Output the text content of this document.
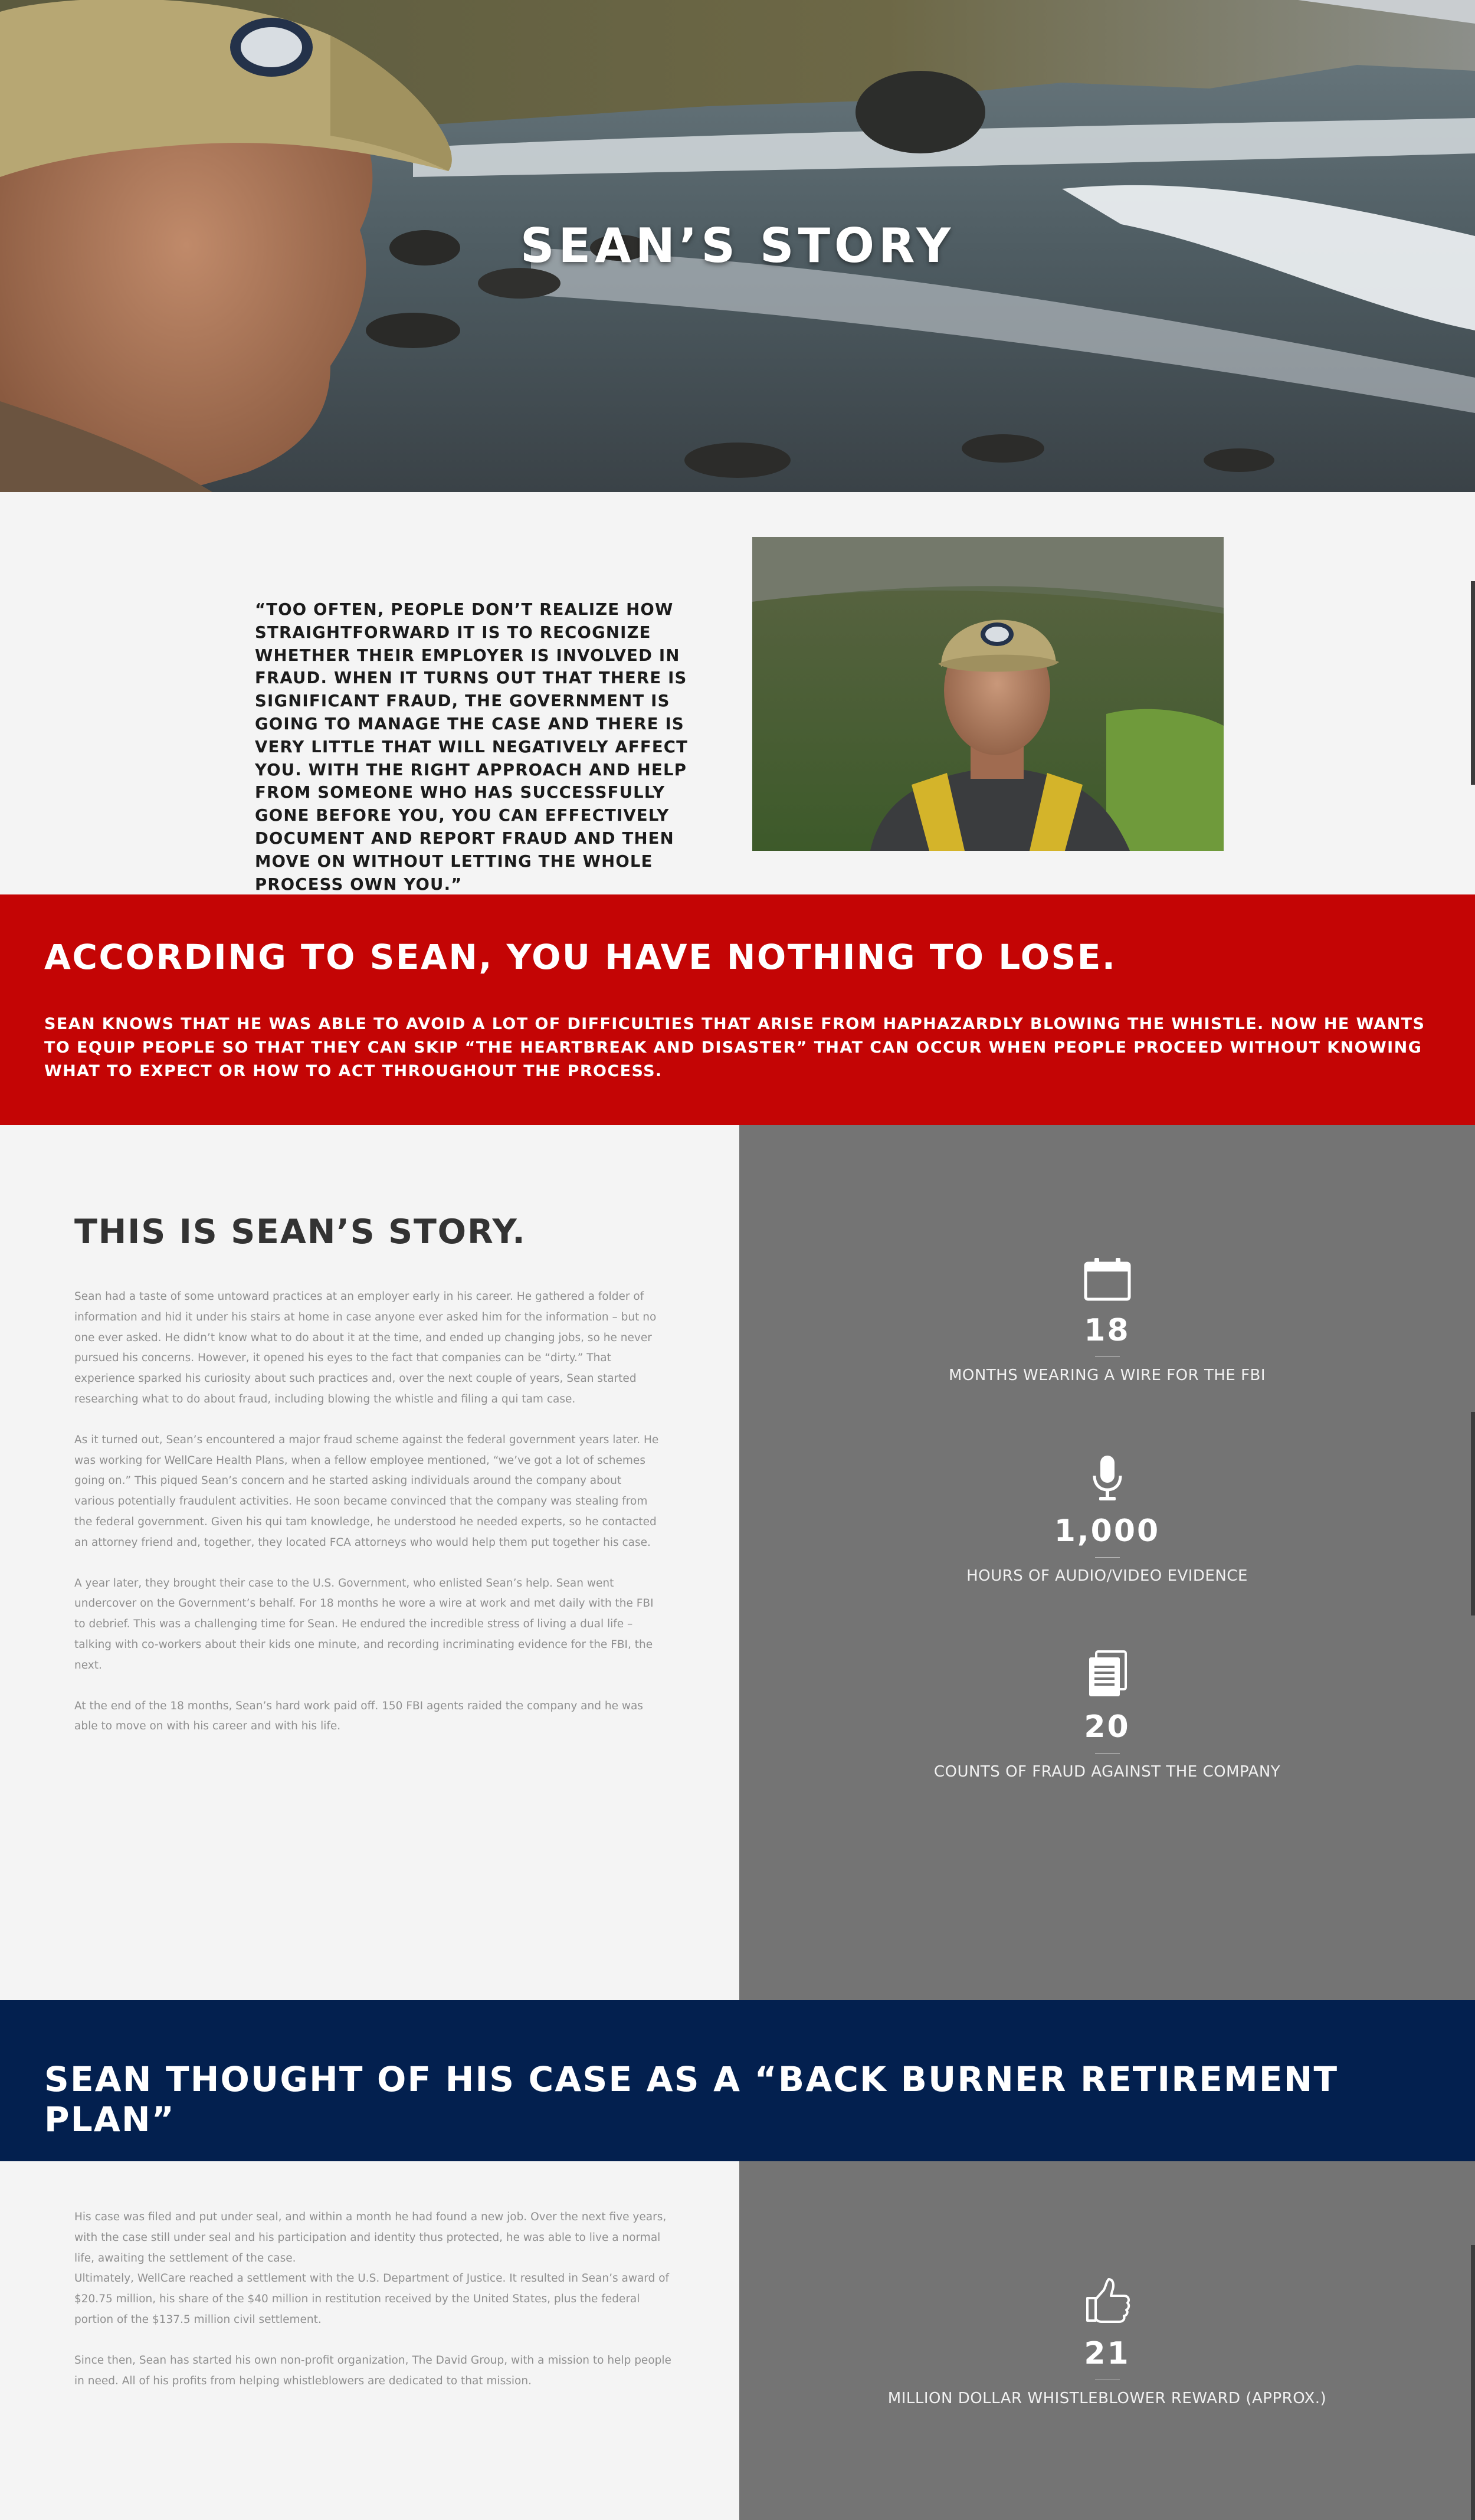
SEAN’S STORY
“TOO OFTEN, PEOPLE DON’T REALIZE HOW STRAIGHTFORWARD IT IS TO RECOGNIZE WHETHER THEIR EMPLOYER IS INVOLVED IN FRAUD. WHEN IT TURNS OUT THAT THERE IS SIGNIFICANT FRAUD, THE GOVERNMENT IS GOING TO MANAGE THE CASE AND THERE IS VERY LITTLE THAT WILL NEGATIVELY AFFECT YOU. WITH THE RIGHT APPROACH AND HELP FROM SOMEONE WHO HAS SUCCESSFULLY GONE BEFORE YOU, YOU CAN EFFECTIVELY DOCUMENT AND REPORT FRAUD AND THEN MOVE ON WITHOUT LETTING THE WHOLE PROCESS OWN YOU.”
ACCORDING TO SEAN, YOU HAVE NOTHING TO LOSE.
SEAN KNOWS THAT HE WAS ABLE TO AVOID A LOT OF DIFFICULTIES THAT ARISE FROM HAPHAZARDLY BLOWING THE WHISTLE. NOW HE WANTS TO EQUIP PEOPLE SO THAT THEY CAN SKIP “THE HEARTBREAK AND DISASTER” THAT CAN OCCUR WHEN PEOPLE PROCEED WITHOUT KNOWING WHAT TO EXPECT OR HOW TO ACT THROUGHOUT THE PROCESS.
THIS IS SEAN’S STORY.

Sean had a taste of some untoward practices at an employer early in his career. He gathered a folder of information and hid it under his stairs at home in case anyone ever asked him for the information – but no one ever asked. He didn’t know what to do about it at the time, and ended up changing jobs, so he never pursued his concerns. However, it opened his eyes to the fact that companies can be “dirty.” That experience sparked his curiosity about such practices and, over the next couple of years, Sean started researching what to do about fraud, including blowing the whistle and filing a qui tam case.

As it turned out, Sean’s encountered a major fraud scheme against the federal government years later. He was working for WellCare Health Plans, when a fellow employee mentioned, “we’ve got a lot of schemes going on.” This piqued Sean’s concern and he started asking individuals around the company about various potentially fraudulent activities. He soon became convinced that the company was stealing from the federal government. Given his qui tam knowledge, he understood he needed experts, so he contacted an attorney friend and, together, they located FCA attorneys who would help them put together his case.

A year later, they brought their case to the U.S. Government, who enlisted Sean’s help. Sean went undercover on the Government’s behalf. For 18 months he wore a wire at work and met daily with the FBI to debrief. This was a challenging time for Sean. He endured the incredible stress of living a dual life – talking with co-workers about their kids one minute, and recording incriminating evidence for the FBI, the next.

At the end of the 18 months, Sean’s hard work paid off. 150 FBI agents raided the company and he was able to move on with his career and with his life.

18
MONTHS WEARING A WIRE FOR THE FBI
1,000
HOURS OF AUDIO/VIDEO EVIDENCE
20
COUNTS OF FRAUD AGAINST THE COMPANY
SEAN THOUGHT OF HIS CASE AS A “BACK BURNER RETIREMENT PLAN”

His case was filed and put under seal, and within a month he had found a new job. Over the next five years, with the case still under seal and his participation and identity thus protected, he was able to live a normal life, awaiting the settlement of the case.
Ultimately, WellCare reached a settlement with the U.S. Department of Justice. It resulted in Sean’s award of $20.75 million, his share of the $40 million in restitution received by the United States, plus the federal portion of the $137.5 million civil settlement.

Since then, Sean has started his own non-profit organization, The David Group, with a mission to help people in need. All of his profits from helping whistleblowers are dedicated to that mission.

21
MILLION DOLLAR WHISTLEBLOWER REWARD (APPROX.)
